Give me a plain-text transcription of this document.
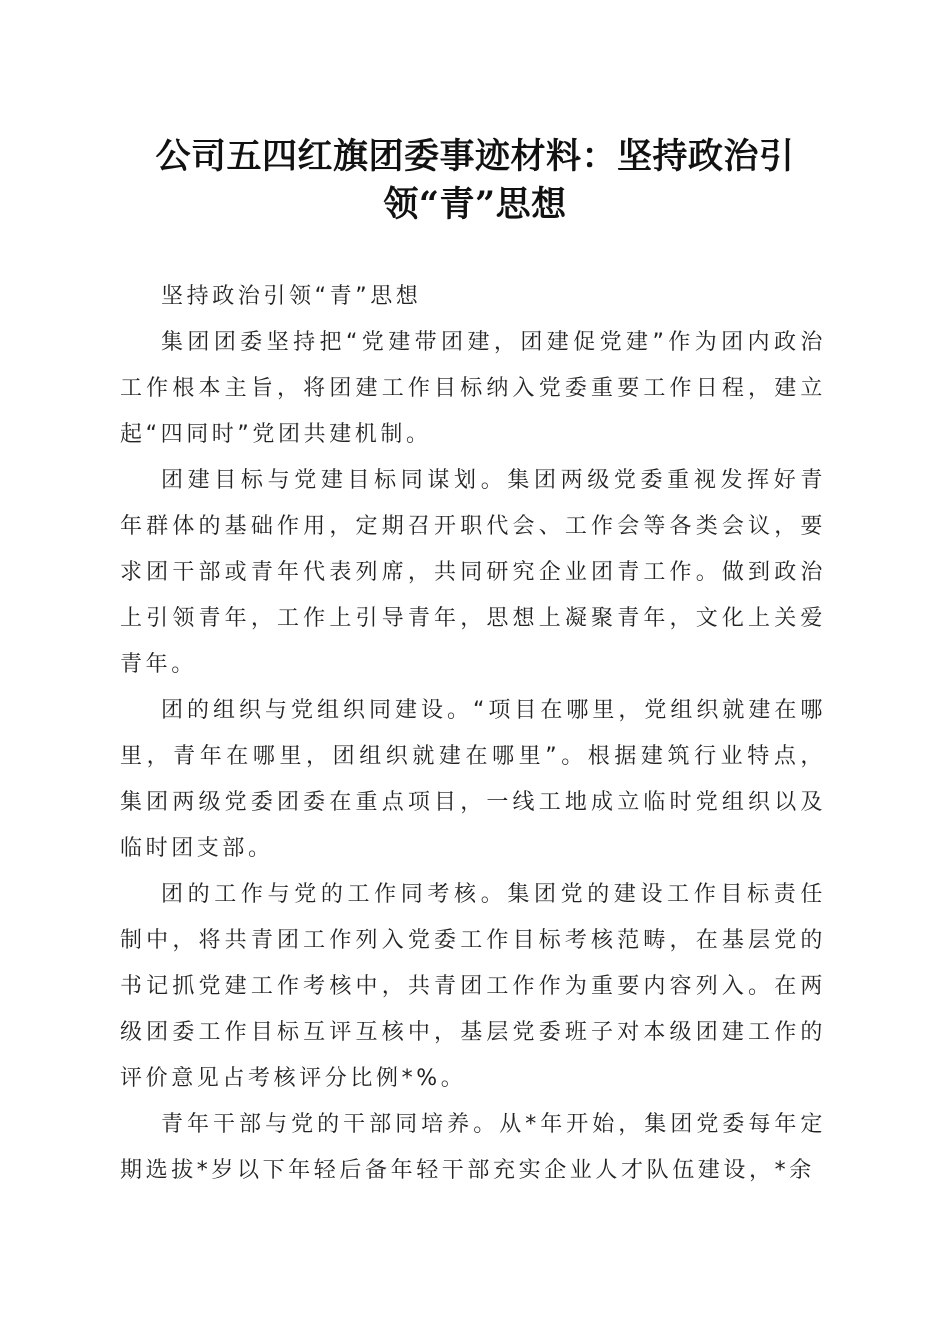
公司五四红旗团委事迹材料：坚持政治引领“青”思想

坚持政治引领“青”思想

集团团委坚持把“党建带团建，团建促党建”作为团内政治工作根本主旨，将团建工作目标纳入党委重要工作日程，建立起“四同时”党团共建机制。

团建目标与党建目标同谋划。集团两级党委重视发挥好青年群体的基础作用，定期召开职代会、工作会等各类会议，要求团干部或青年代表列席，共同研究企业团青工作。做到政治上引领青年，工作上引导青年，思想上凝聚青年，文化上关爱青年。

团的组织与党组织同建设。“项目在哪里，党组织就建在哪里，青年在哪里，团组织就建在哪里”。根据建筑行业特点，集团两级党委团委在重点项目，一线工地成立临时党组织以及临时团支部。

团的工作与党的工作同考核。集团党的建设工作目标责任制中，将共青团工作列入党委工作目标考核范畴，在基层党的书记抓党建工作考核中，共青团工作作为重要内容列入。在两级团委工作目标互评互核中，基层党委班子对本级团建工作的评价意见占考核评分比例*%。

青年干部与党的干部同培养。从*年开始，集团党委每年定期选拔*岁以下年轻后备年轻干部充实企业人才队伍建设，*余
